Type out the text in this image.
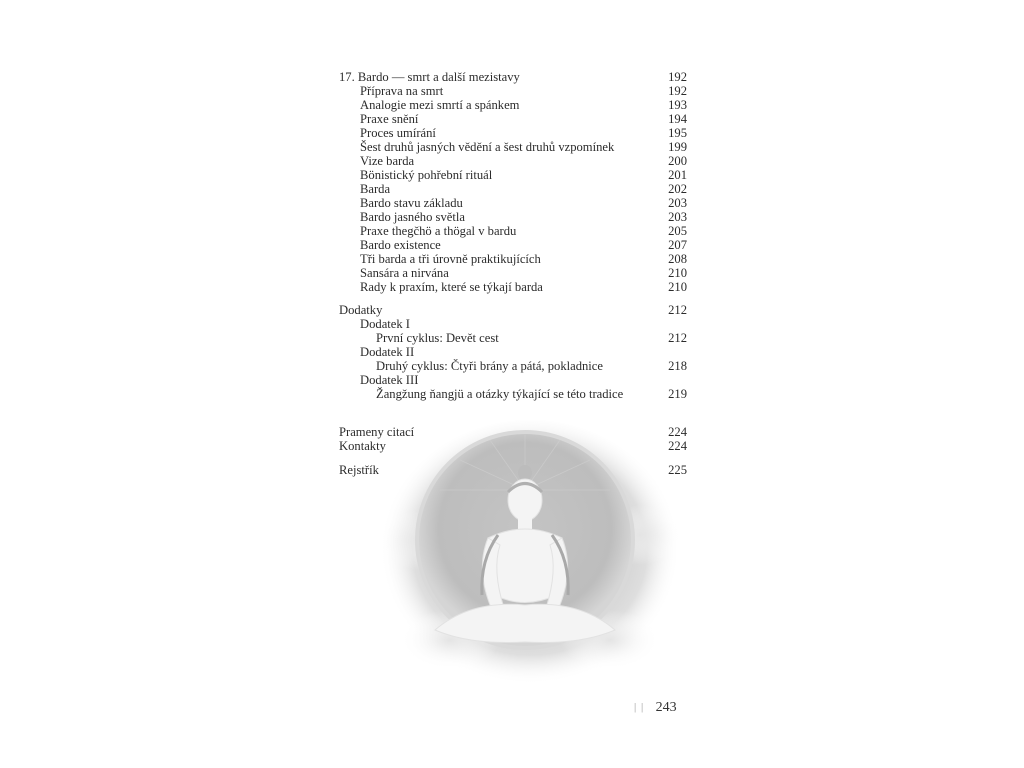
17. Bardo — smrt a další mezistavy	192
Příprava na smrt	192
Analogie mezi smrtí a spánkem	193
Praxe snění	194
Proces umírání	195
Šest druhů jasných vědění a šest druhů vzpomínek	199
Vize barda	200
Bönistický pohřební rituál	201
Barda	202
Bardo stavu základu	203
Bardo jasného světla	203
Praxe thegčhö a thögal v bardu	205
Bardo existence	207
Tři barda a tři úrovně praktikujících	208
Sansára a nirvána	210
Rady k praxím, které se týkají barda	210
Dodatky	212
Dodatek I
První cyklus: Devět cest	212
Dodatek II
Druhý cyklus: Čtyři brány a pátá, pokladnice	218
Dodatek III
Žangžung ňangjü a otázky týkající se této tradice	219
Prameny citací	224
Kontakty	224
Rejstřík	225
| | 243
